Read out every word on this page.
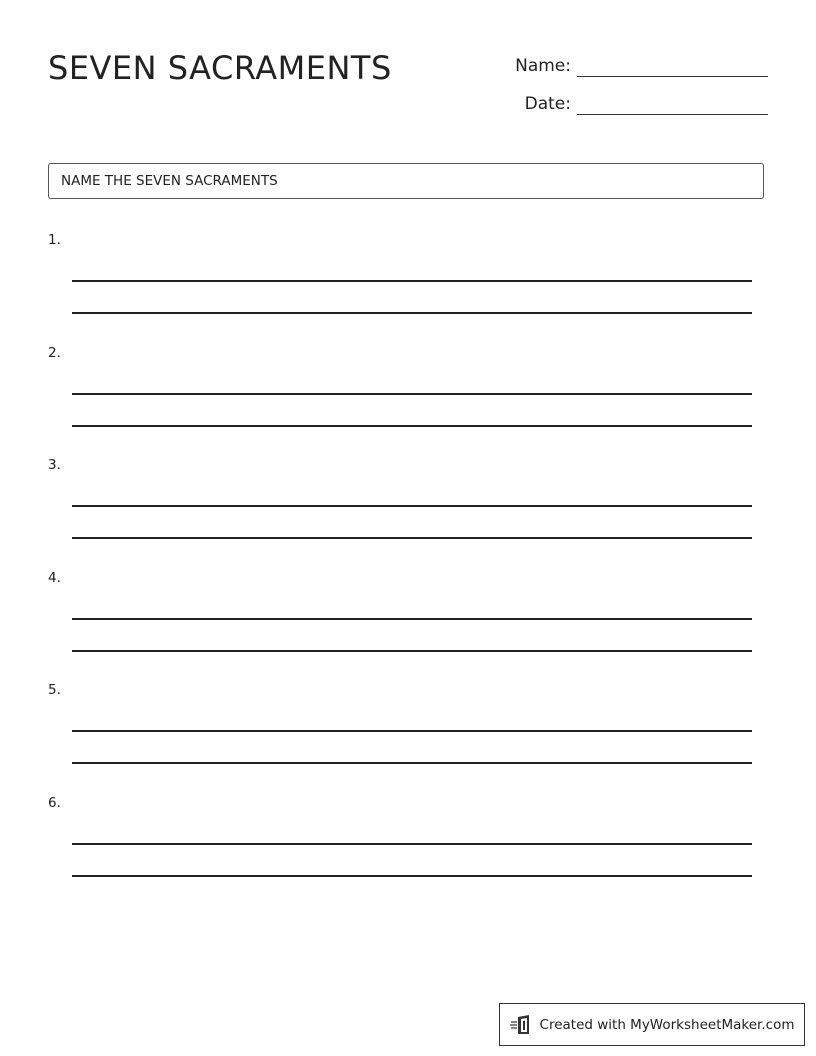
SEVEN SACRAMENTS	Name:
Date:
NAME THE SEVEN SACRAMENTS
1.
2.
3.
4.
5.
6.
Created with MyWorksheetMaker.com
